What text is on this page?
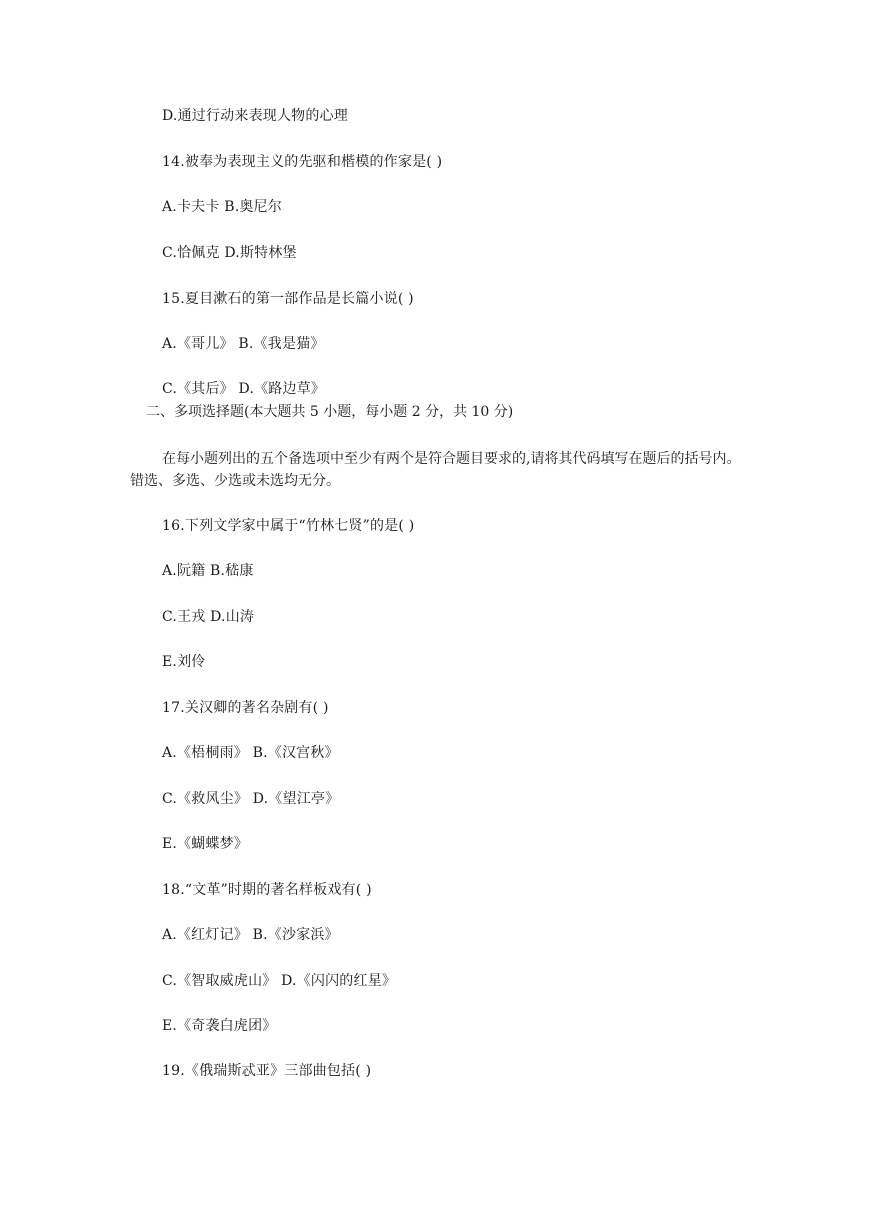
D.通过行动来表现人物的心理
14.被奉为表现主义的先驱和楷模的作家是( )
A.卡夫卡 B.奥尼尔
C.恰佩克 D.斯特林堡
15.夏目漱石的第一部作品是长篇小说( )
A.《哥儿》 B.《我是猫》
C.《其后》 D.《路边草》
二、多项选择题(本大题共 5 小题，每小题 2 分，共 10 分)
在每小题列出的五个备选项中至少有两个是符合题目要求的,请将其代码填写在题后的括号内。错选、多选、少选或未选均无分。
16.下列文学家中属于“竹林七贤”的是( )
A.阮籍 B.嵇康
C.王戎 D.山涛
E.刘伶
17.关汉卿的著名杂剧有( )
A.《梧桐雨》 B.《汉宫秋》
C.《救风尘》 D.《望江亭》
E.《蝴蝶梦》
18.“文革”时期的著名样板戏有( )
A.《红灯记》 B.《沙家浜》
C.《智取威虎山》 D.《闪闪的红星》
E.《奇袭白虎团》
19.《俄瑞斯忒亚》三部曲包括( )
